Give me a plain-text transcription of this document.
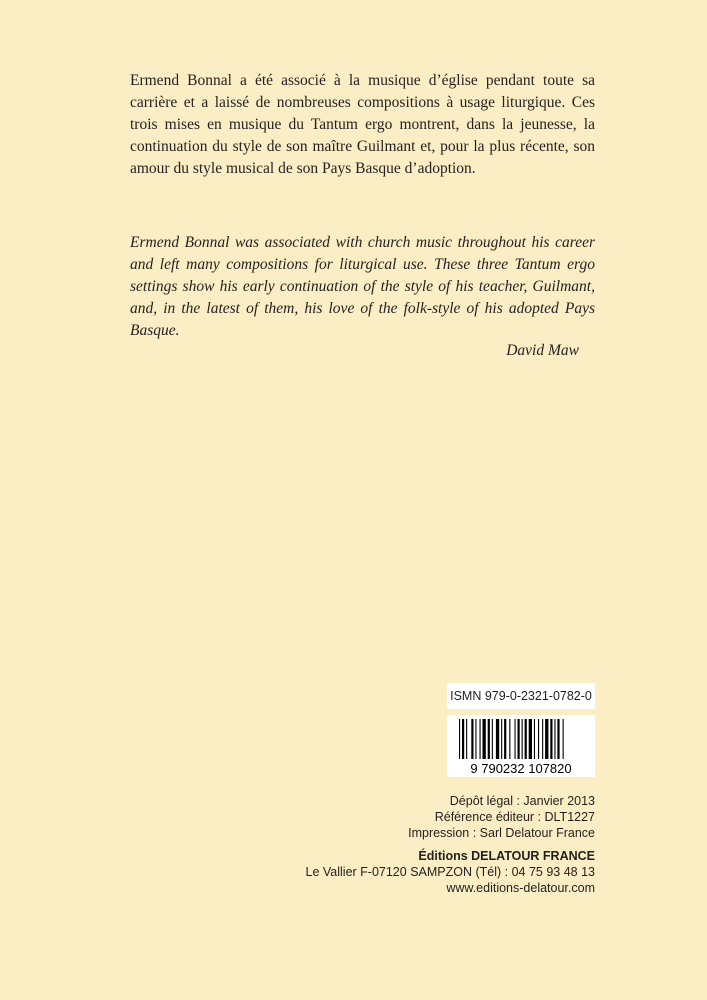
Ermend Bonnal a été associé à la musique d’église pendant toute sa carrière et a laissé de nombreuses compositions à usage liturgique. Ces trois mises en musique du Tantum ergo montrent, dans la jeunesse, la continuation du style de son maître Guilmant et, pour la plus récente, son amour du style musical de son Pays Basque d’adoption.

Ermend Bonnal was associated with church music throughout his career and left many compositions for liturgical use. These three Tantum ergo settings show his early continuation of the style of his teacher, Guilmant, and, in the latest of them, his love of the folk-style of his adopted Pays Basque.

David Maw
ISMN 979-0-2321-0782-0
9 790232 107820
Dépôt légal : Janvier 2013
Référence éditeur : DLT1227
Impression : Sarl Delatour France
Éditions DELATOUR FRANCE
Le Vallier F-07120 SAMPZON (Tél) : 04 75 93 48 13
www.editions-delatour.com
